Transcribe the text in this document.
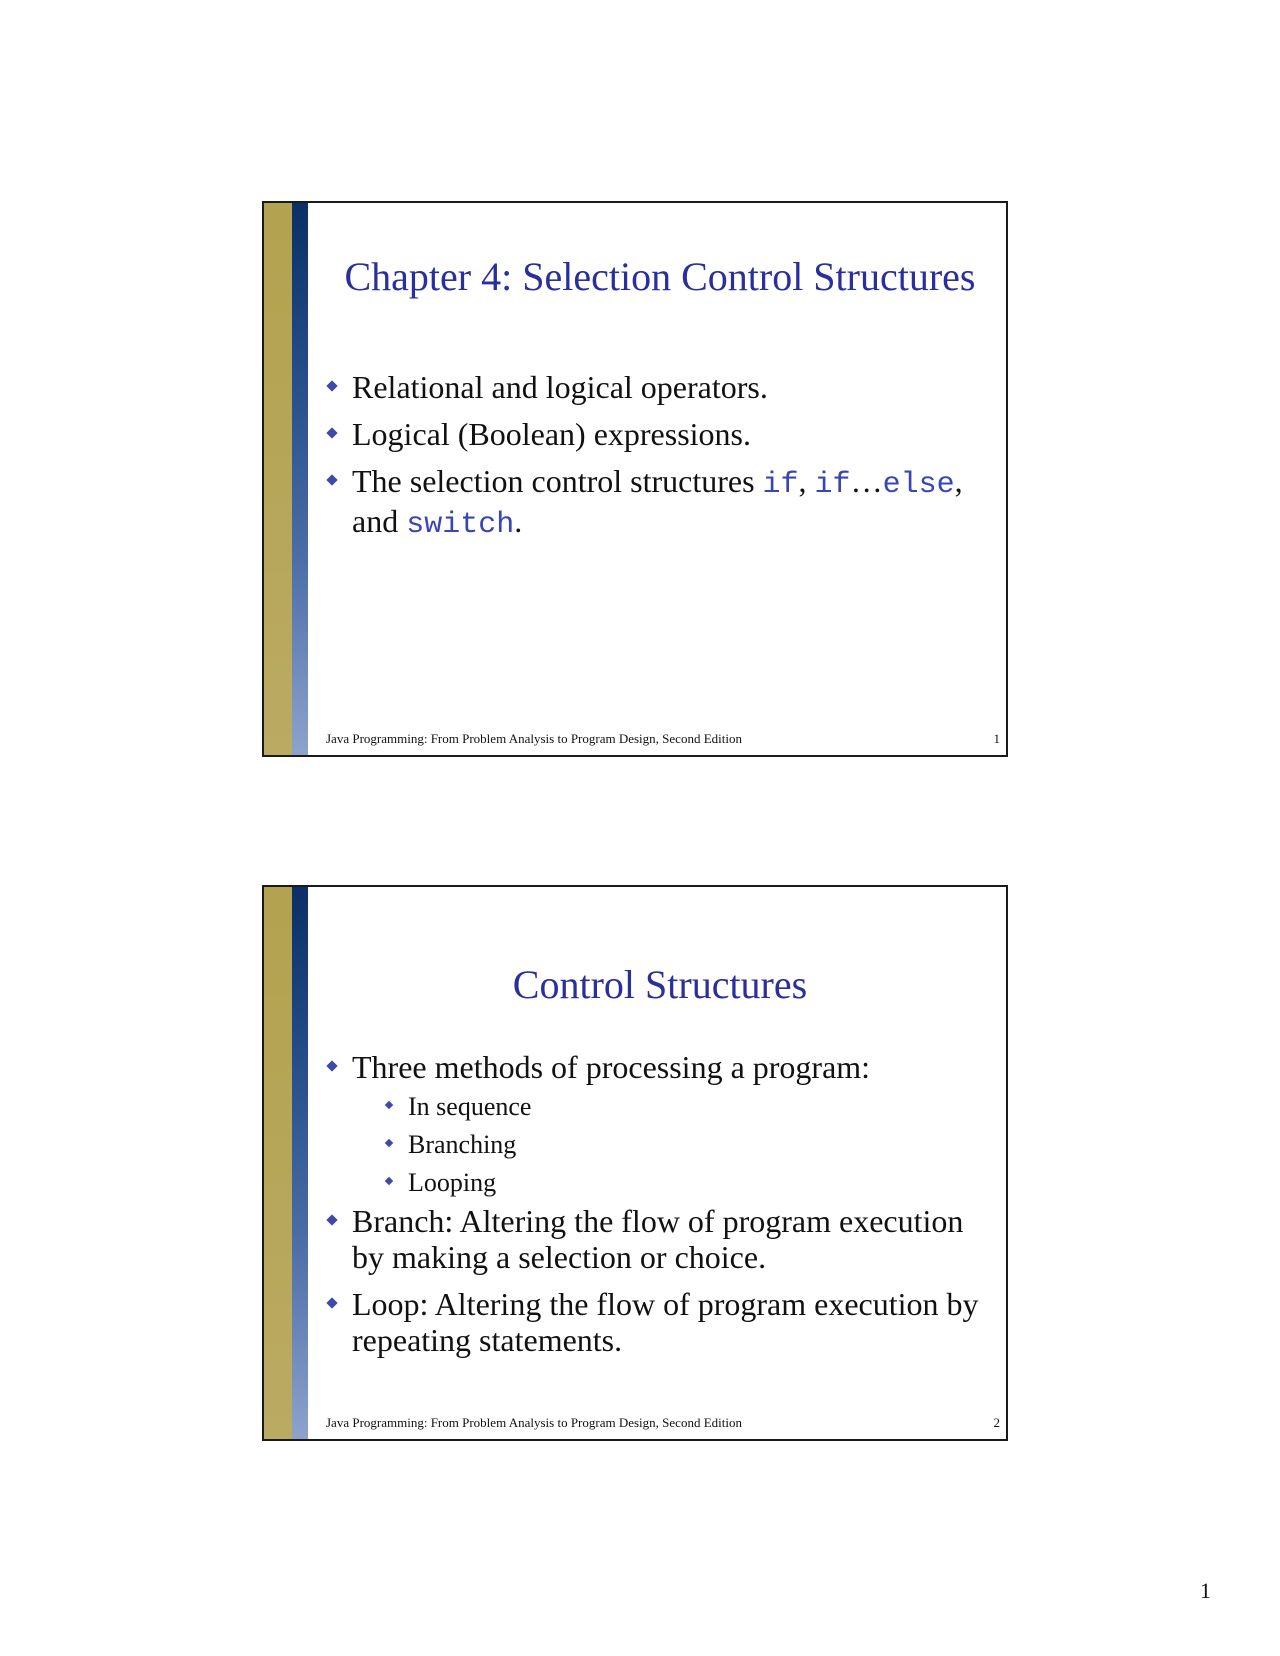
Chapter 4: Selection Control Structures
Relational and logical operators.
Logical (Boolean) expressions.
The selection control structures if, if…else, and switch.
Java Programming: From Problem Analysis to Program Design, Second Edition	1
Control Structures
Three methods of processing a program:
In sequence
Branching
Looping
Branch: Altering the flow of program execution by making a selection or choice.
Loop: Altering the flow of program execution by repeating statements.
Java Programming: From Problem Analysis to Program Design, Second Edition	2
1
